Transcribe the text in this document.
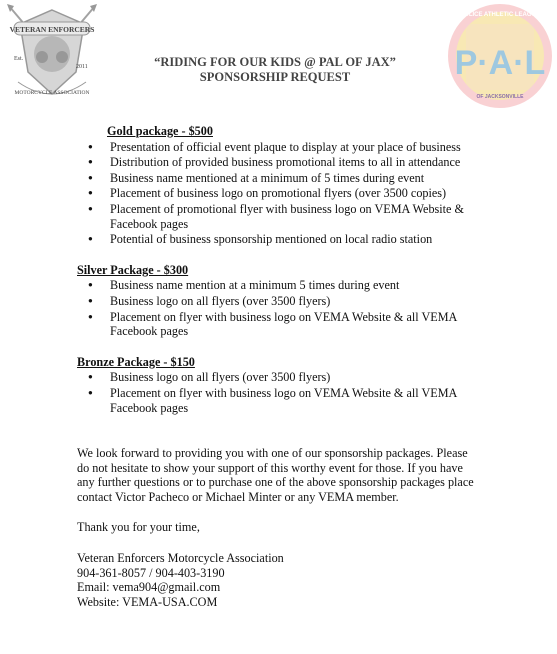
VETERAN ENFORCERS
Est.
2011
MOTORCYCLE ASSOCIATION
“RIDING FOR OUR KIDS @ PAL OF JAX”
SPONSORSHIP REQUEST
POLICE ATHLETIC LEAGUE
P·A·L
OF JACKSONVILLE

Gold package - $500

● Presentation of official event plaque to display at your place of business
● Distribution of provided business promotional items to all in attendance
● Business name mentioned at a minimum of 5 times during event
● Placement of business logo on promotional flyers (over 3500 copies)
● Placement of promotional flyer with business logo on VEMA Website & Facebook pages
● Potential of business sponsorship mentioned on local radio station

Silver Package - $300

● Business name mention at a minimum 5 times during event
● Business logo on all flyers (over 3500 flyers)
● Placement on flyer with business logo on VEMA Website & all VEMA Facebook pages

Bronze Package - $150

● Business logo on all flyers (over 3500 flyers)
● Placement on flyer with business logo on VEMA Website & all VEMA Facebook pages

We look forward to providing you with one of our sponsorship packages. Please do not hesitate to show your support of this worthy event for those. If you have any further questions or to purchase one of the above sponsorship packages place contact Victor Pacheco or Michael Minter or any VEMA member.

Thank you for your time,

Veteran Enforcers Motorcycle Association

904-361-8057 / 904-403-3190

Email: vema904@gmail.com

Website: VEMA-USA.COM
